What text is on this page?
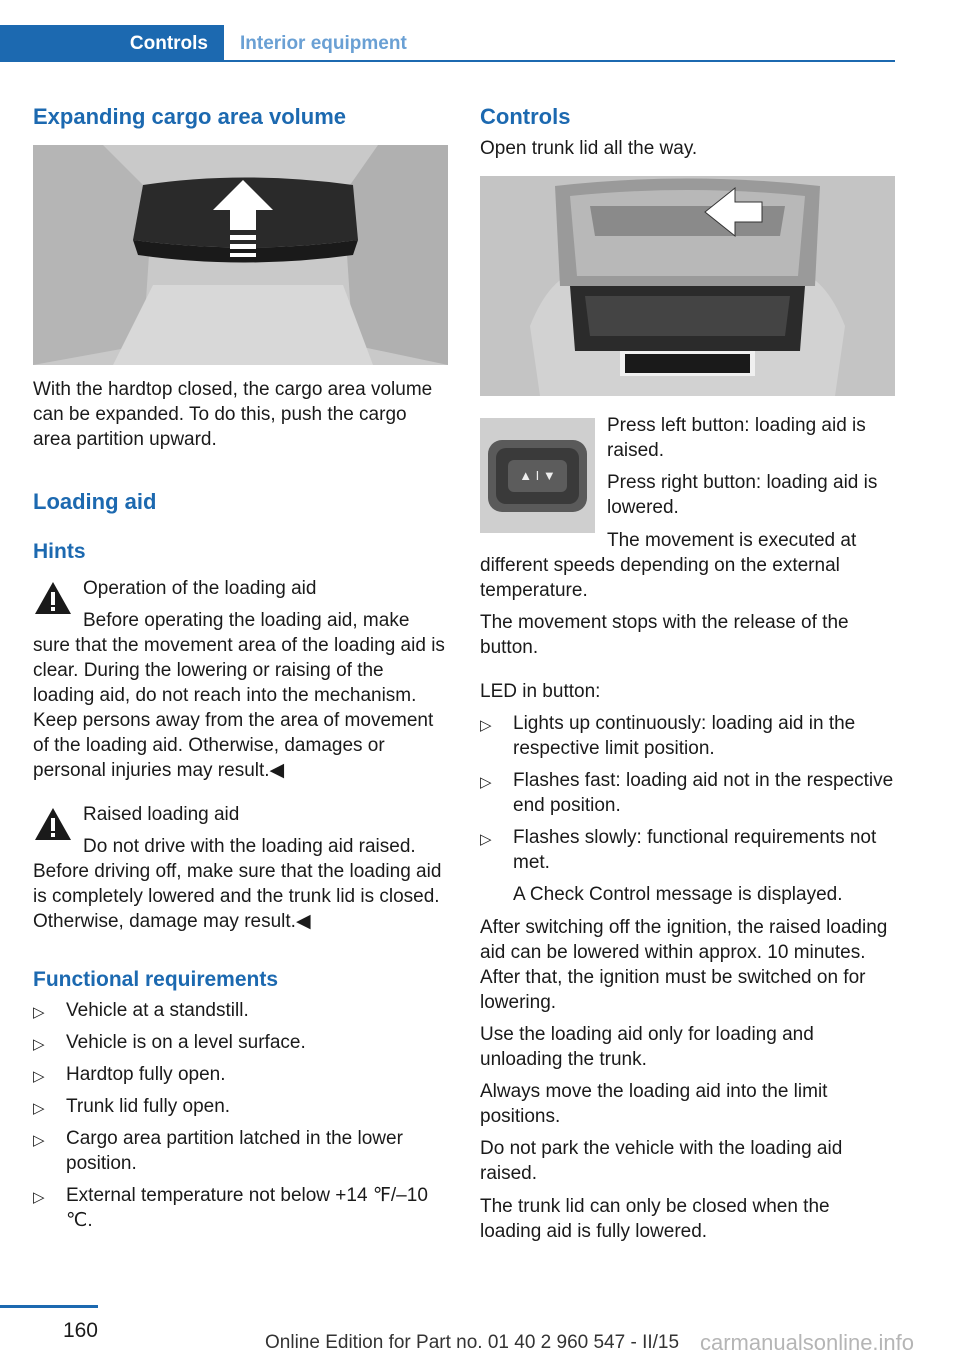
Controls	Interior equipment
Expanding cargo area volume
With the hardtop closed, the cargo area volume can be expanded. To do this, push the cargo area partition upward.
Loading aid
Hints
Operation of the loading aid
Before operating the loading aid, make
sure that the movement area of the loading aid is clear. During the lowering or raising of the loading aid, do not reach into the mechanism. Keep persons away from the area of movement of the loading aid. Otherwise, damages or personal injuries may result.◀
Raised loading aid
Do not drive with the loading aid raised.
Before driving off, make sure that the loading aid is completely lowered and the trunk lid is closed. Otherwise, damage may result.◀
Functional requirements
▷ Vehicle at a standstill.
▷ Vehicle is on a level surface.
▷ Hardtop fully open.
▷ Trunk lid fully open.
▷ Cargo area partition latched in the lower position.
▷ External temperature not below +14 ℉/–10 ℃.
Controls
Open trunk lid all the way.
▲ I ▼
Press left button: loading aid is raised.
Press right button: loading aid is lowered.
The movement is executed at
different speeds depending on the external temperature.
The movement stops with the release of the button.
LED in button:
▷ Lights up continuously: loading aid in the respective limit position.
▷ Flashes fast: loading aid not in the respective end position.
▷ Flashes slowly: functional requirements not met.
A Check Control message is displayed.
After switching off the ignition, the raised loading aid can be lowered within approx. 10 minutes. After that, the ignition must be switched on for lowering.
Use the loading aid only for loading and unloading the trunk.
Always move the loading aid into the limit positions.
Do not park the vehicle with the loading aid raised.
The trunk lid can only be closed when the loading aid is fully lowered.
160
Online Edition for Part no. 01 40 2 960 547 - II/15 carmanualsonline.info
